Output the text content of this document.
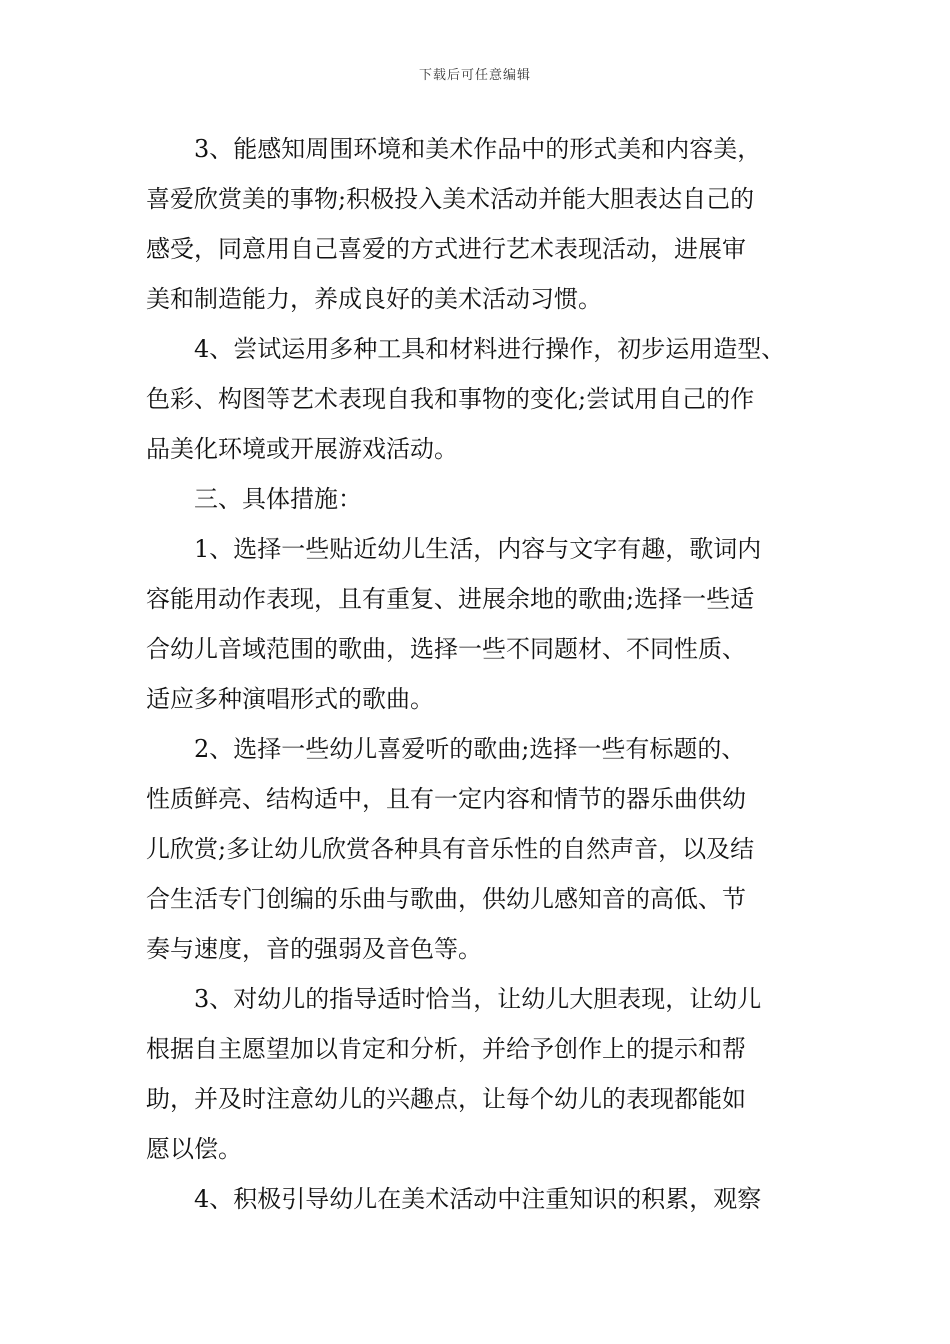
下载后可任意编辑
3、能感知周围环境和美术作品中的形式美和内容美，
喜爱欣赏美的事物;积极投入美术活动并能大胆表达自己的
感受，同意用自己喜爱的方式进行艺术表现活动，进展审
美和制造能力，养成良好的美术活动习惯。
4、尝试运用多种工具和材料进行操作，初步运用造型、
色彩、构图等艺术表现自我和事物的变化;尝试用自己的作
品美化环境或开展游戏活动。
三、具体措施：
1、选择一些贴近幼儿生活，内容与文字有趣，歌词内
容能用动作表现，且有重复、进展余地的歌曲;选择一些适
合幼儿音域范围的歌曲，选择一些不同题材、不同性质、
适应多种演唱形式的歌曲。
2、选择一些幼儿喜爱听的歌曲;选择一些有标题的、
性质鲜亮、结构适中，且有一定内容和情节的器乐曲供幼
儿欣赏;多让幼儿欣赏各种具有音乐性的自然声音，以及结
合生活专门创编的乐曲与歌曲，供幼儿感知音的高低、节
奏与速度，音的强弱及音色等。
3、对幼儿的指导适时恰当，让幼儿大胆表现，让幼儿
根据自主愿望加以肯定和分析，并给予创作上的提示和帮
助，并及时注意幼儿的兴趣点，让每个幼儿的表现都能如
愿以偿。
4、积极引导幼儿在美术活动中注重知识的积累，观察
